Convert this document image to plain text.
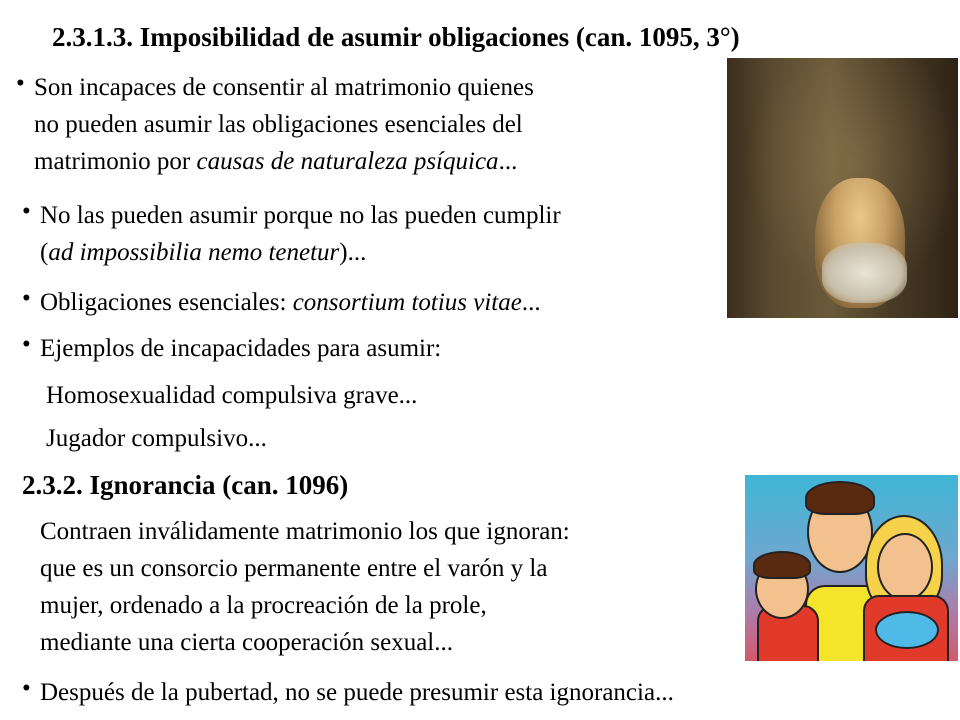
2.3.1.3. Imposibilidad de asumir obligaciones (can. 1095, 3°)
• Son incapaces de consentir al matrimonio quienes
no pueden asumir las obligaciones esenciales del
matrimonio por causas de naturaleza psíquica...
• No las pueden asumir porque no las pueden cumplir
(ad impossibilia nemo tenetur)...
• Obligaciones esenciales: consortium totius vitae...
• Ejemplos de incapacidades para asumir:
Homosexualidad compulsiva grave...
Jugador compulsivo...
2.3.2. Ignorancia (can. 1096)
Contraen inválidamente matrimonio los que ignoran:
que es un consorcio permanente entre el varón y la
mujer, ordenado a la procreación de la prole,
mediante una cierta cooperación sexual...
• Después de la pubertad, no se puede presumir esta ignorancia...
